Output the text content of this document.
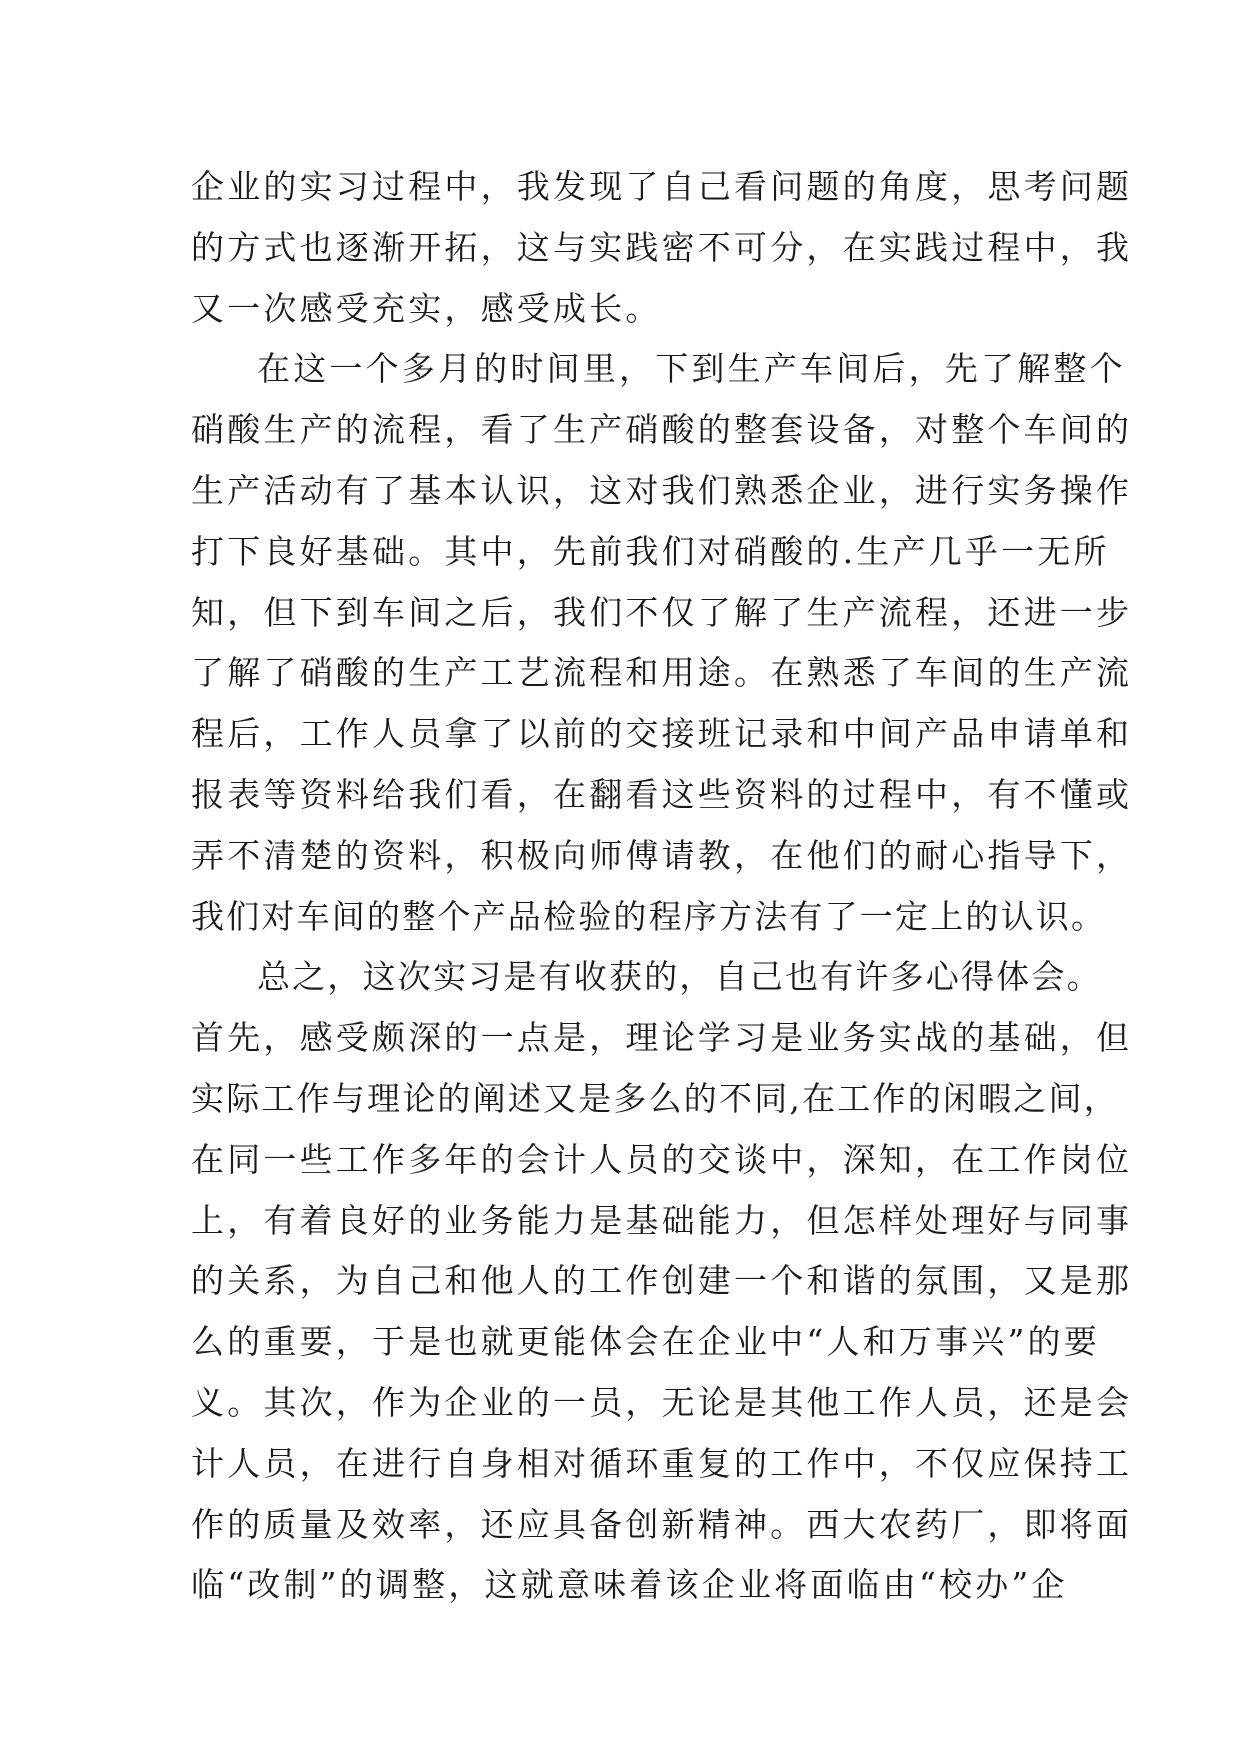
企业的实习过程中，我发现了自己看问题的角度，思考问题
的方式也逐渐开拓，这与实践密不可分，在实践过程中，我
又一次感受充实，感受成长。
在这一个多月的时间里，下到生产车间后，先了解整个
硝酸生产的流程，看了生产硝酸的整套设备，对整个车间的
生产活动有了基本认识，这对我们熟悉企业，进行实务操作
打下良好基础。其中，先前我们对硝酸的.生产几乎一无所
知，但下到车间之后，我们不仅了解了生产流程，还进一步
了解了硝酸的生产工艺流程和用途。在熟悉了车间的生产流
程后，工作人员拿了以前的交接班记录和中间产品申请单和
报表等资料给我们看，在翻看这些资料的过程中，有不懂或
弄不清楚的资料，积极向师傅请教，在他们的耐心指导下，
我们对车间的整个产品检验的程序方法有了一定上的认识。
总之，这次实习是有收获的，自己也有许多心得体会。
首先，感受颇深的一点是，理论学习是业务实战的基础，但
实际工作与理论的阐述又是多么的不同,在工作的闲暇之间，
在同一些工作多年的会计人员的交谈中，深知，在工作岗位
上，有着良好的业务能力是基础能力，但怎样处理好与同事
的关系，为自己和他人的工作创建一个和谐的氛围，又是那
么的重要，于是也就更能体会在企业中“人和万事兴”的要
义。其次，作为企业的一员，无论是其他工作人员，还是会
计人员，在进行自身相对循环重复的工作中，不仅应保持工
作的质量及效率，还应具备创新精神。西大农药厂，即将面
临“改制”的调整，这就意味着该企业将面临由“校办”企
